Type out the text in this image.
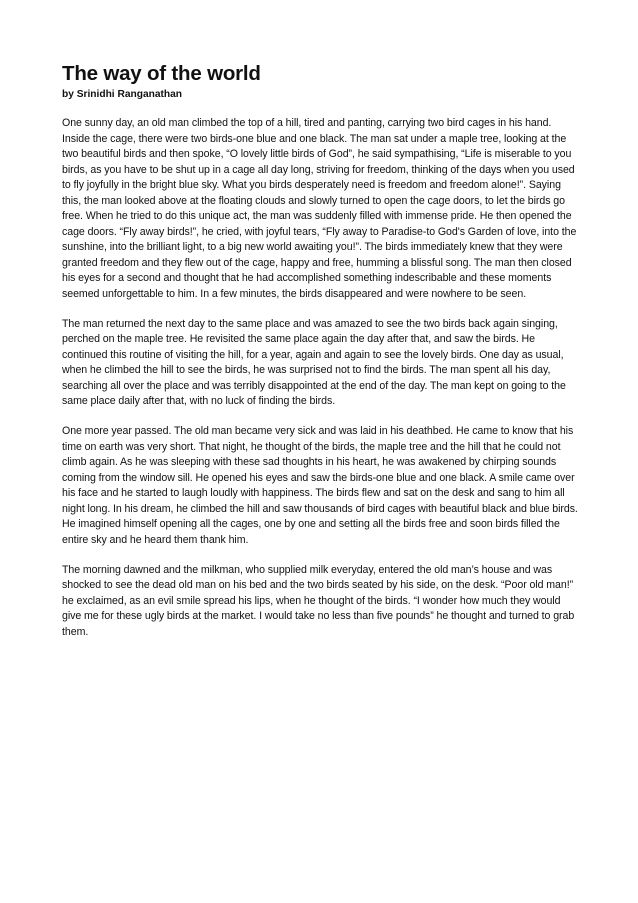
The way of the world
by Srinidhi Ranganathan

One sunny day, an old man climbed the top of a hill, tired and panting, carrying two bird cages in his hand. Inside the cage, there were two birds-one blue and one black. The man sat under a maple tree, looking at the two beautiful birds and then spoke, “O lovely little birds of God”, he said sympathising, “Life is miserable to you birds, as you have to be shut up in a cage all day long, striving for freedom, thinking of the days when you used to fly joyfully in the bright blue sky. What you birds desperately need is freedom and freedom alone!”. Saying this, the man looked above at the floating clouds and slowly turned to open the cage doors, to let the birds go free. When he tried to do this unique act, the man was suddenly filled with immense pride. He then opened the cage doors. “Fly away birds!”, he cried, with joyful tears, “Fly away to Paradise-to God's Garden of love, into the sunshine, into the brilliant light, to a big new world awaiting you!”. The birds immediately knew that they were granted freedom and they flew out of the cage, happy and free, humming a blissful song. The man then closed his eyes for a second and thought that he had accomplished something indescribable and these moments seemed unforgettable to him. In a few minutes, the birds disappeared and were nowhere to be seen.

The man returned the next day to the same place and was amazed to see the two birds back again singing, perched on the maple tree. He revisited the same place again the day after that, and saw the birds. He continued this routine of visiting the hill, for a year, again and again to see the lovely birds. One day as usual, when he climbed the hill to see the birds, he was surprised not to find the birds. The man spent all his day, searching all over the place and was terribly disappointed at the end of the day. The man kept on going to the same place daily after that, with no luck of finding the birds.

One more year passed. The old man became very sick and was laid in his deathbed. He came to know that his time on earth was very short. That night, he thought of the birds, the maple tree and the hill that he could not climb again. As he was sleeping with these sad thoughts in his heart, he was awakened by chirping sounds coming from the window sill. He opened his eyes and saw the birds-one blue and one black. A smile came over his face and he started to laugh loudly with happiness. The birds flew and sat on the desk and sang to him all night long. In his dream, he climbed the hill and saw thousands of bird cages with beautiful black and blue birds. He imagined himself opening all the cages, one by one and setting all the birds free and soon birds filled the entire sky and he heard them thank him.

The morning dawned and the milkman, who supplied milk everyday, entered the old man’s house and was shocked to see the dead old man on his bed and the two birds seated by his side, on the desk. “Poor old man!” he exclaimed, as an evil smile spread his lips, when he thought of the birds. “I wonder how much they would give me for these ugly birds at the market. I would take no less than five pounds” he thought and turned to grab them.
